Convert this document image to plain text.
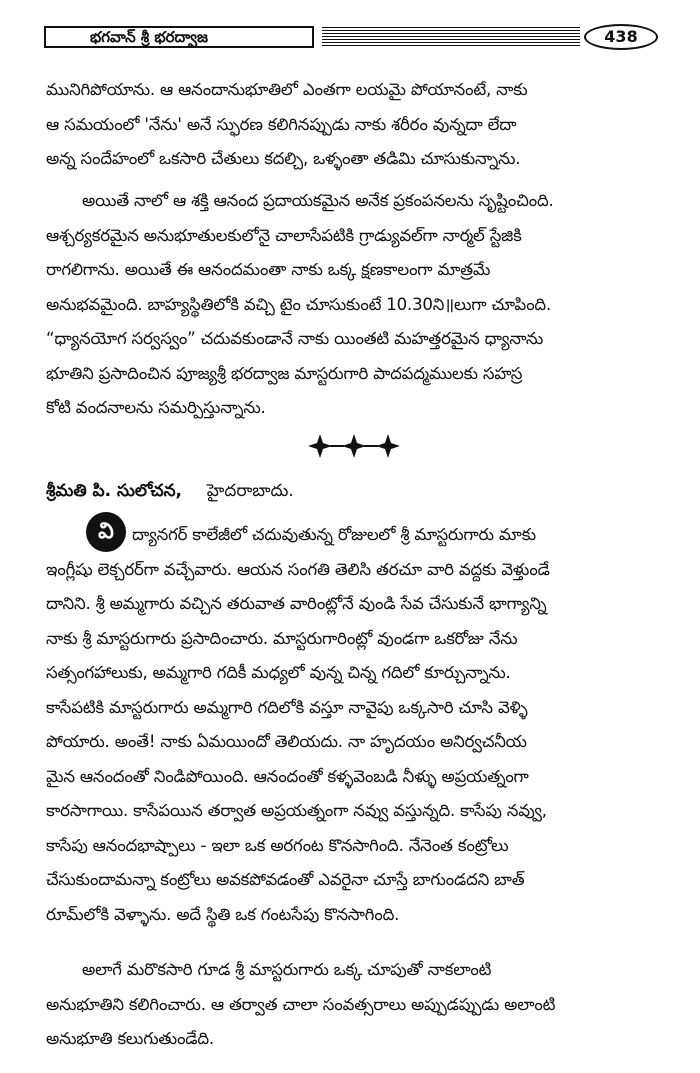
భగవాన్ శ్రీ భరద్వాజ	438
మునిగిపోయాను. ఆ ఆనందానుభూతిలో ఎంతగా లయమై పోయానంటే, నాకు
ఆ సమయంలో 'నేను' అనే స్ఫురణ కలిగినప్పుడు నాకు శరీరం వున్నదా లేదా
అన్న సందేహంలో ఒకసారి చేతులు కదల్చి, ఒళ్ళంతా తడిమి చూసుకున్నాను.
అయితే నాలో ఆ శక్తి ఆనంద ప్రదాయకమైన అనేక ప్రకంపనలను సృష్టించింది.
ఆశ్చర్యకరమైన అనుభూతులకులోనై చాలాసేపటికి గ్రాడ్యువల్‌గా నార్మల్ స్టేజికి
రాగలిగాను. అయితే ఈ ఆనందమంతా నాకు ఒక్క క్షణకాలంగా మాత్రమే
అనుభవమైంది. బాహ్యస్థితిలోకి వచ్చి టైం చూసుకుంటే 10.30ని॥లుగా చూపింది.
“ధ్యానయోగ సర్వస్వం” చదువకుండానే నాకు యింతటి మహత్తరమైన ధ్యానాను
భూతిని ప్రసాదించిన పూజ్యశ్రీ భరద్వాజ మాస్టరుగారి పాదపద్మములకు సహస్ర
కోటి వందనాలను సమర్పిస్తున్నాను.
శ్రీమతి పి. సులోచన, హైదరాబాదు.
వి	ద్యానగర్ కాలేజీలో చదువుతున్న రోజులలో శ్రీ మాస్టరుగారు మాకు
ఇంగ్లీషు లెక్చరర్‌గా వచ్చేవారు. ఆయన సంగతి తెలిసి తరచూ వారి వద్దకు వెళ్తుండే
దానిని. శ్రీ అమ్మగారు వచ్చిన తరువాత వారింట్లోనే వుండి సేవ చేసుకునే భాగ్యాన్ని
నాకు శ్రీ మాస్టరుగారు ప్రసాదించారు. మాస్టరుగారింట్లో వుండగా ఒకరోజు నేను
సత్సంగహాలుకు, అమ్మగారి గదికీ మధ్యలో వున్న చిన్న గదిలో కూర్చున్నాను.
కాసేపటికి మాస్టరుగారు అమ్మగారి గదిలోకి వస్తూ నావైపు ఒక్కసారి చూసి వెళ్ళి
పోయారు. అంతే! నాకు ఏమయిందో తెలియదు. నా హృదయం అనిర్వచనీయ
మైన ఆనందంతో నిండిపోయింది. ఆనందంతో కళ్ళవెంబడి నీళ్ళు అప్రయత్నంగా
కారసాగాయి. కాసేపయిన తర్వాత అప్రయత్నంగా నవ్వు వస్తున్నది. కాసేపు నవ్వు,
కాసేపు ఆనందభాష్పాలు - ఇలా ఒక అరగంట కొనసాగింది. నేనెంత కంట్రోలు
చేసుకుందామన్నా కంట్రోలు అవకపోవడంతో ఎవరైనా చూస్తే బాగుండదని బాత్
రూమ్‌లోకి వెళ్ళాను. అదే స్థితి ఒక గంటసేపు కొనసాగింది.
అలాగే మరొకసారి గూడ శ్రీ మాస్టరుగారు ఒక్క చూపుతో నాకలాంటి
అనుభూతిని కలిగించారు. ఆ తర్వాత చాలా సంవత్సరాలు అప్పుడప్పుడు అలాంటి
అనుభూతి కలుగుతుండేది.
